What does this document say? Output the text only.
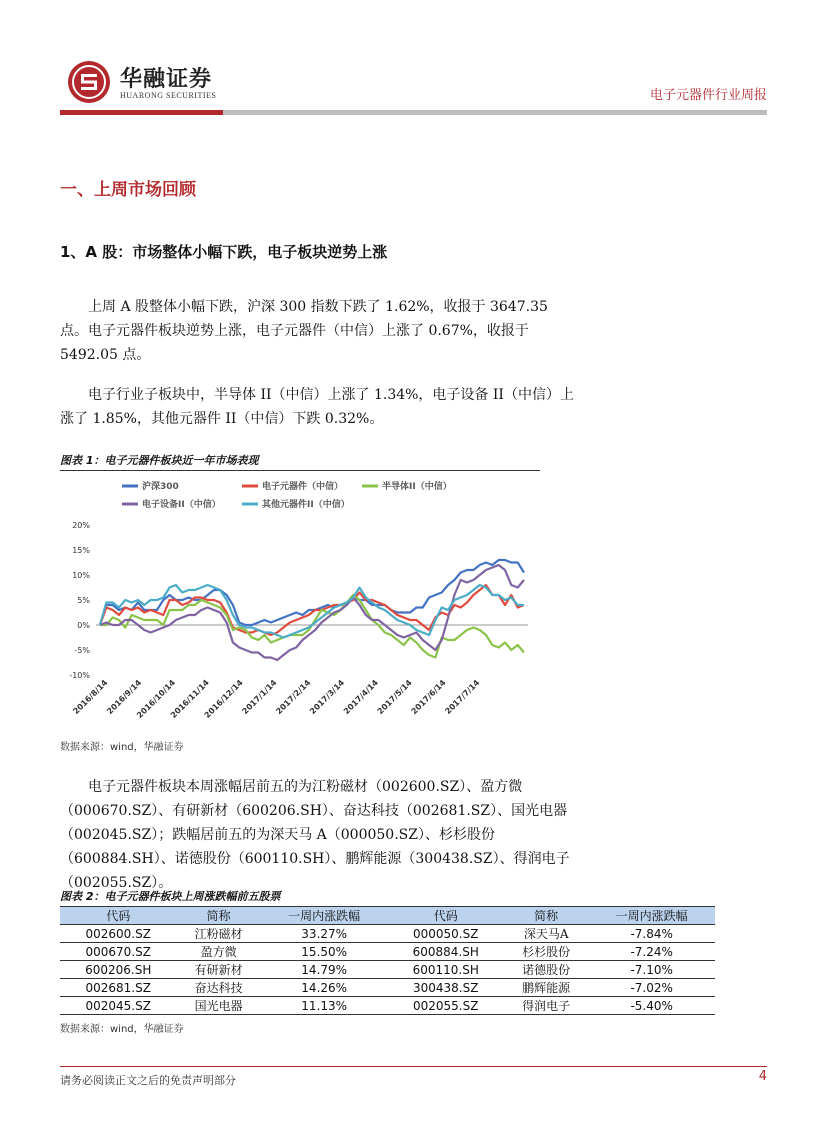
华融证券
HUARONG SECURITIES	电子元器件行业周报
一、上周市场回顾
1、A 股：市场整体小幅下跌，电子板块逆势上涨
上周 A 股整体小幅下跌，沪深 300 指数下跌了 1.62%，收报于 3647.35 点。电子元器件板块逆势上涨，电子元器件（中信）上涨了 0.67%，收报于 5492.05 点。
电子行业子板块中，半导体 II（中信）上涨了 1.34%，电子设备 II（中信）上涨了 1.85%，其他元器件 II（中信）下跌 0.32%。
图表 1：电子元器件板块近一年市场表现
沪深300	电子元器件（中信）	半导体II（中信）
电子设备II（中信）	其他元器件II（中信）
20%
15%
10%
5%
0%
-5%
-10%
2016/8/14
2016/9/14
2016/10/14
2016/11/14
2016/12/14
2017/1/14
2017/2/14
2017/3/14
2017/4/14
2017/5/14
2017/6/14
2017/7/14
数据来源：wind，华融证券
电子元器件板块本周涨幅居前五的为江粉磁材（002600.SZ）、盈方微（000670.SZ）、有研新材（600206.SH）、奋达科技（002681.SZ）、国光电器（002045.SZ）；跌幅居前五的为深天马 A（000050.SZ）、杉杉股份（600884.SH）、诺德股份（600110.SH）、鹏辉能源（300438.SZ）、得润电子（002055.SZ）。
图表 2：电子元器件板块上周涨跌幅前五股票
代码	简称	一周内涨跌幅	代码	简称	一周内涨跌幅
002600.SZ	江粉磁材	33.27%	000050.SZ	深天马A	-7.84%
000670.SZ	盈方微	15.50%	600884.SH	杉杉股份	-7.24%
600206.SH	有研新材	14.79%	600110.SH	诺德股份	-7.10%
002681.SZ	奋达科技	14.26%	300438.SZ	鹏辉能源	-7.02%
002045.SZ	国光电器	11.13%	002055.SZ	得润电子	-5.40%
数据来源：wind，华融证券
请务必阅读正文之后的免责声明部分	4
